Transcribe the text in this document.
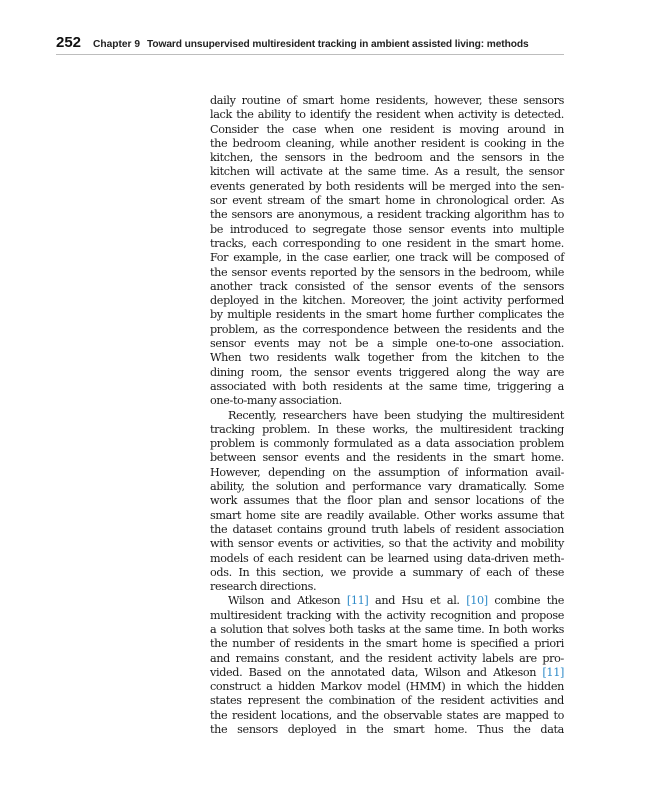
252 Chapter 9 Toward unsupervised multiresident tracking in ambient assisted living: methods
daily routine of smart home residents, however, these sensors
lack the ability to identify the resident when activity is detected.
Consider the case when one resident is moving around in
the bedroom cleaning, while another resident is cooking in the
kitchen, the sensors in the bedroom and the sensors in the
kitchen will activate at the same time. As a result, the sensor
events generated by both residents will be merged into the sen-
sor event stream of the smart home in chronological order. As
the sensors are anonymous, a resident tracking algorithm has to
be introduced to segregate those sensor events into multiple
tracks, each corresponding to one resident in the smart home.
For example, in the case earlier, one track will be composed of
the sensor events reported by the sensors in the bedroom, while
another track consisted of the sensor events of the sensors
deployed in the kitchen. Moreover, the joint activity performed
by multiple residents in the smart home further complicates the
problem, as the correspondence between the residents and the
sensor events may not be a simple one-to-one association.
When two residents walk together from the kitchen to the
dining room, the sensor events triggered along the way are
associated with both residents at the same time, triggering a
one-to-many association.
Recently, researchers have been studying the multiresident
tracking problem. In these works, the multiresident tracking
problem is commonly formulated as a data association problem
between sensor events and the residents in the smart home.
However, depending on the assumption of information avail-
ability, the solution and performance vary dramatically. Some
work assumes that the floor plan and sensor locations of the
smart home site are readily available. Other works assume that
the dataset contains ground truth labels of resident association
with sensor events or activities, so that the activity and mobility
models of each resident can be learned using data-driven meth-
ods. In this section, we provide a summary of each of these
research directions.
Wilson and Atkeson [11] and Hsu et al. [10] combine the
multiresident tracking with the activity recognition and propose
a solution that solves both tasks at the same time. In both works
the number of residents in the smart home is specified a priori
and remains constant, and the resident activity labels are pro-
vided. Based on the annotated data, Wilson and Atkeson [11]
construct a hidden Markov model (HMM) in which the hidden
states represent the combination of the resident activities and
the resident locations, and the observable states are mapped to
the sensors deployed in the smart home. Thus the data
